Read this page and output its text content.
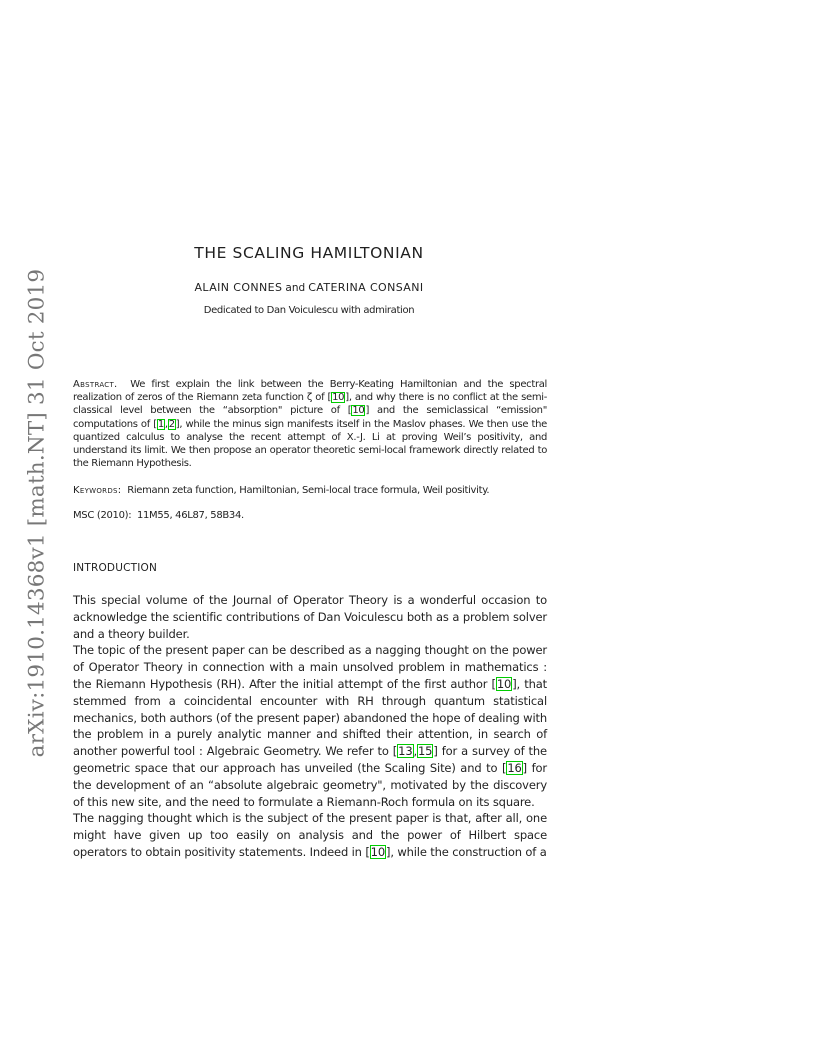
arXiv:1910.14368v1 [math.NT] 31 Oct 2019
THE SCALING HAMILTONIAN
ALAIN CONNES and CATERINA CONSANI
Dedicated to Dan Voiculescu with admiration
Abstract. We first explain the link between the Berry-Keating Hamiltonian and the spectral realization of zeros of the Riemann zeta function ζ of [10], and why there is no conflict at the semi-classical level between the “absorption" picture of [10] and the semiclassical “emission" computations of [1,2], while the minus sign manifests itself in the Maslov phases. We then use the quantized calculus to analyse the recent attempt of X.-J. Li at proving Weil’s positivity, and understand its limit. We then propose an operator theoretic semi-local framework directly related to the Riemann Hypothesis.
Keywords: Riemann zeta function, Hamiltonian, Semi-local trace formula, Weil positivity.
MSC (2010): 11M55, 46L87, 58B34.
INTRODUCTION

This special volume of the Journal of Operator Theory is a wonderful occasion to acknowledge the scientific contributions of Dan Voiculescu both as a problem solver and a theory builder.

The topic of the present paper can be described as a nagging thought on the power of Operator Theory in connection with a main unsolved problem in mathematics : the Riemann Hypothesis (RH). After the initial attempt of the first author [10], that stemmed from a coincidental encounter with RH through quantum statistical mechanics, both authors (of the present paper) abandoned the hope of dealing with the problem in a purely analytic manner and shifted their attention, in search of another powerful tool : Algebraic Geometry. We refer to [13,15] for a survey of the geometric space that our approach has unveiled (the Scaling Site) and to [16] for the development of an “absolute algebraic geometry", motivated by the discovery of this new site, and the need to formulate a Riemann-Roch formula on its square.

The nagging thought which is the subject of the present paper is that, after all, one might have given up too easily on analysis and the power of Hilbert space operators to obtain positivity statements. Indeed in [10], while the construction of a
